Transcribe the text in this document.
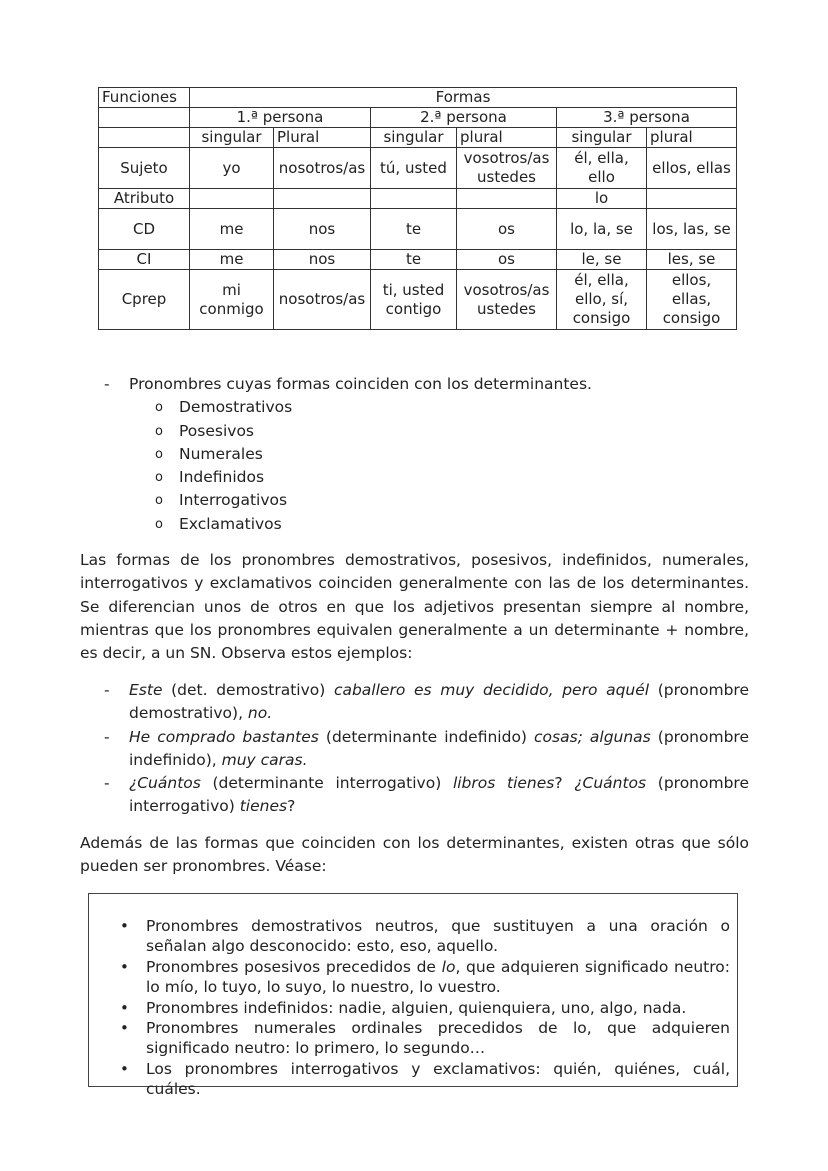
Funciones	Formas					
	1.ª persona		2.ª persona		3.ª persona	
	singular	Plural	singular	plural	singular	plural
Sujeto	yo	nosotros/as	tú, usted	vosotros/as ustedes	él, ella, ello	ellos, ellas
Atributo					lo	
CD	me	nos	te	os	lo, la, se	los, las, se
CI	me	nos	te	os	le, se	les, se
Cprep	mi conmigo	nosotros/as	ti, usted contigo	vosotros/as ustedes	él, ella, ello, sí, consigo	ellos, ellas, consigo
- Pronombres cuyas formas coinciden con los determinantes.
o Demostrativos
o Posesivos
o Numerales
o Indefinidos
o Interrogativos
o Exclamativos

Las formas de los pronombres demostrativos, posesivos, indefinidos, numerales, interrogativos y exclamativos coinciden generalmente con las de los determinantes. Se diferencian unos de otros en que los adjetivos presentan siempre al nombre, mientras que los pronombres equivalen generalmente a un determinante + nombre, es decir, a un SN. Observa estos ejemplos:

- Este (det. demostrativo) caballero es muy decidido, pero aquél (pronombre demostrativo), no.
- He comprado bastantes (determinante indefinido) cosas; algunas (pronombre indefinido), muy caras.
- ¿Cuántos (determinante interrogativo) libros tienes? ¿Cuántos (pronombre interrogativo) tienes?

Además de las formas que coinciden con los determinantes, existen otras que sólo pueden ser pronombres. Véase:

• Pronombres demostrativos neutros, que sustituyen a una oración o señalan algo desconocido: esto, eso, aquello.
• Pronombres posesivos precedidos de lo, que adquieren significado neutro: lo mío, lo tuyo, lo suyo, lo nuestro, lo vuestro.
• Pronombres indefinidos: nadie, alguien, quienquiera, uno, algo, nada.
• Pronombres numerales ordinales precedidos de lo, que adquieren significado neutro: lo primero, lo segundo…
• Los pronombres interrogativos y exclamativos: quién, quiénes, cuál, cuáles.
